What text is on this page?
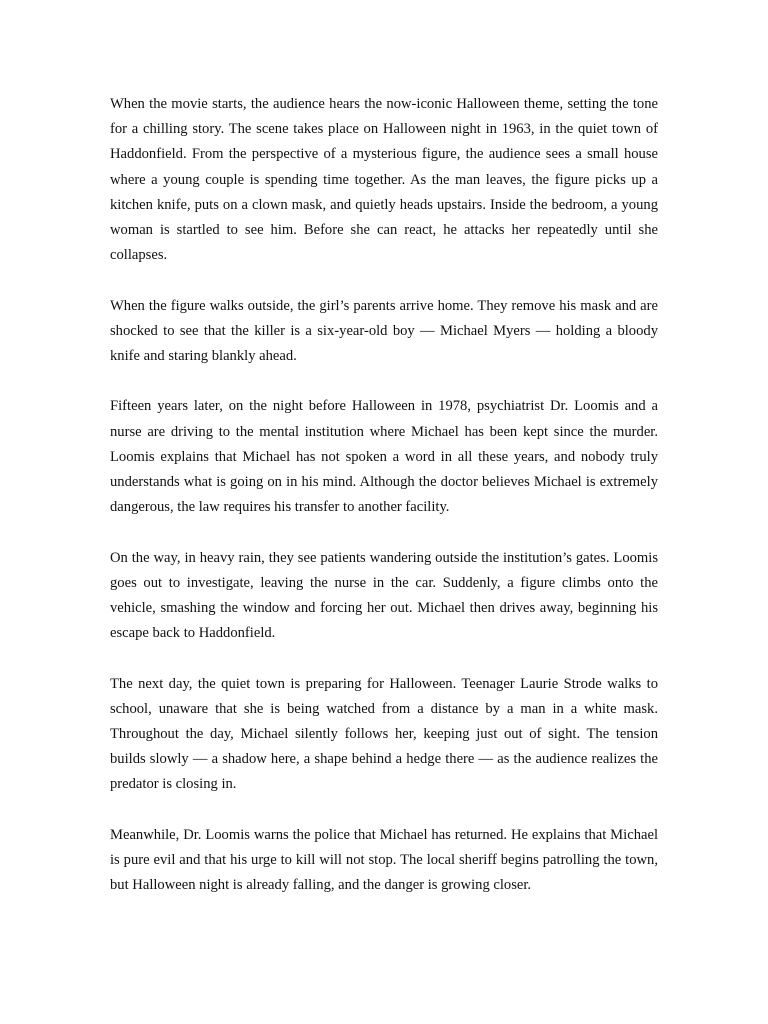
When the movie starts, the audience hears the now-iconic Halloween theme, setting the tone for a chilling story. The scene takes place on Halloween night in 1963, in the quiet town of Haddonfield. From the perspective of a mysterious figure, the audience sees a small house where a young couple is spending time together. As the man leaves, the figure picks up a kitchen knife, puts on a clown mask, and quietly heads upstairs. Inside the bedroom, a young woman is startled to see him. Before she can react, he attacks her repeatedly until she collapses.

When the figure walks outside, the girl’s parents arrive home. They remove his mask and are shocked to see that the killer is a six-year-old boy — Michael Myers — holding a bloody knife and staring blankly ahead.

Fifteen years later, on the night before Halloween in 1978, psychiatrist Dr. Loomis and a nurse are driving to the mental institution where Michael has been kept since the murder. Loomis explains that Michael has not spoken a word in all these years, and nobody truly understands what is going on in his mind. Although the doctor believes Michael is extremely dangerous, the law requires his transfer to another facility.

On the way, in heavy rain, they see patients wandering outside the institution’s gates. Loomis goes out to investigate, leaving the nurse in the car. Suddenly, a figure climbs onto the vehicle, smashing the window and forcing her out. Michael then drives away, beginning his escape back to Haddonfield.

The next day, the quiet town is preparing for Halloween. Teenager Laurie Strode walks to school, unaware that she is being watched from a distance by a man in a white mask. Throughout the day, Michael silently follows her, keeping just out of sight. The tension builds slowly — a shadow here, a shape behind a hedge there — as the audience realizes the predator is closing in.

Meanwhile, Dr. Loomis warns the police that Michael has returned. He explains that Michael is pure evil and that his urge to kill will not stop. The local sheriff begins patrolling the town, but Halloween night is already falling, and the danger is growing closer.
